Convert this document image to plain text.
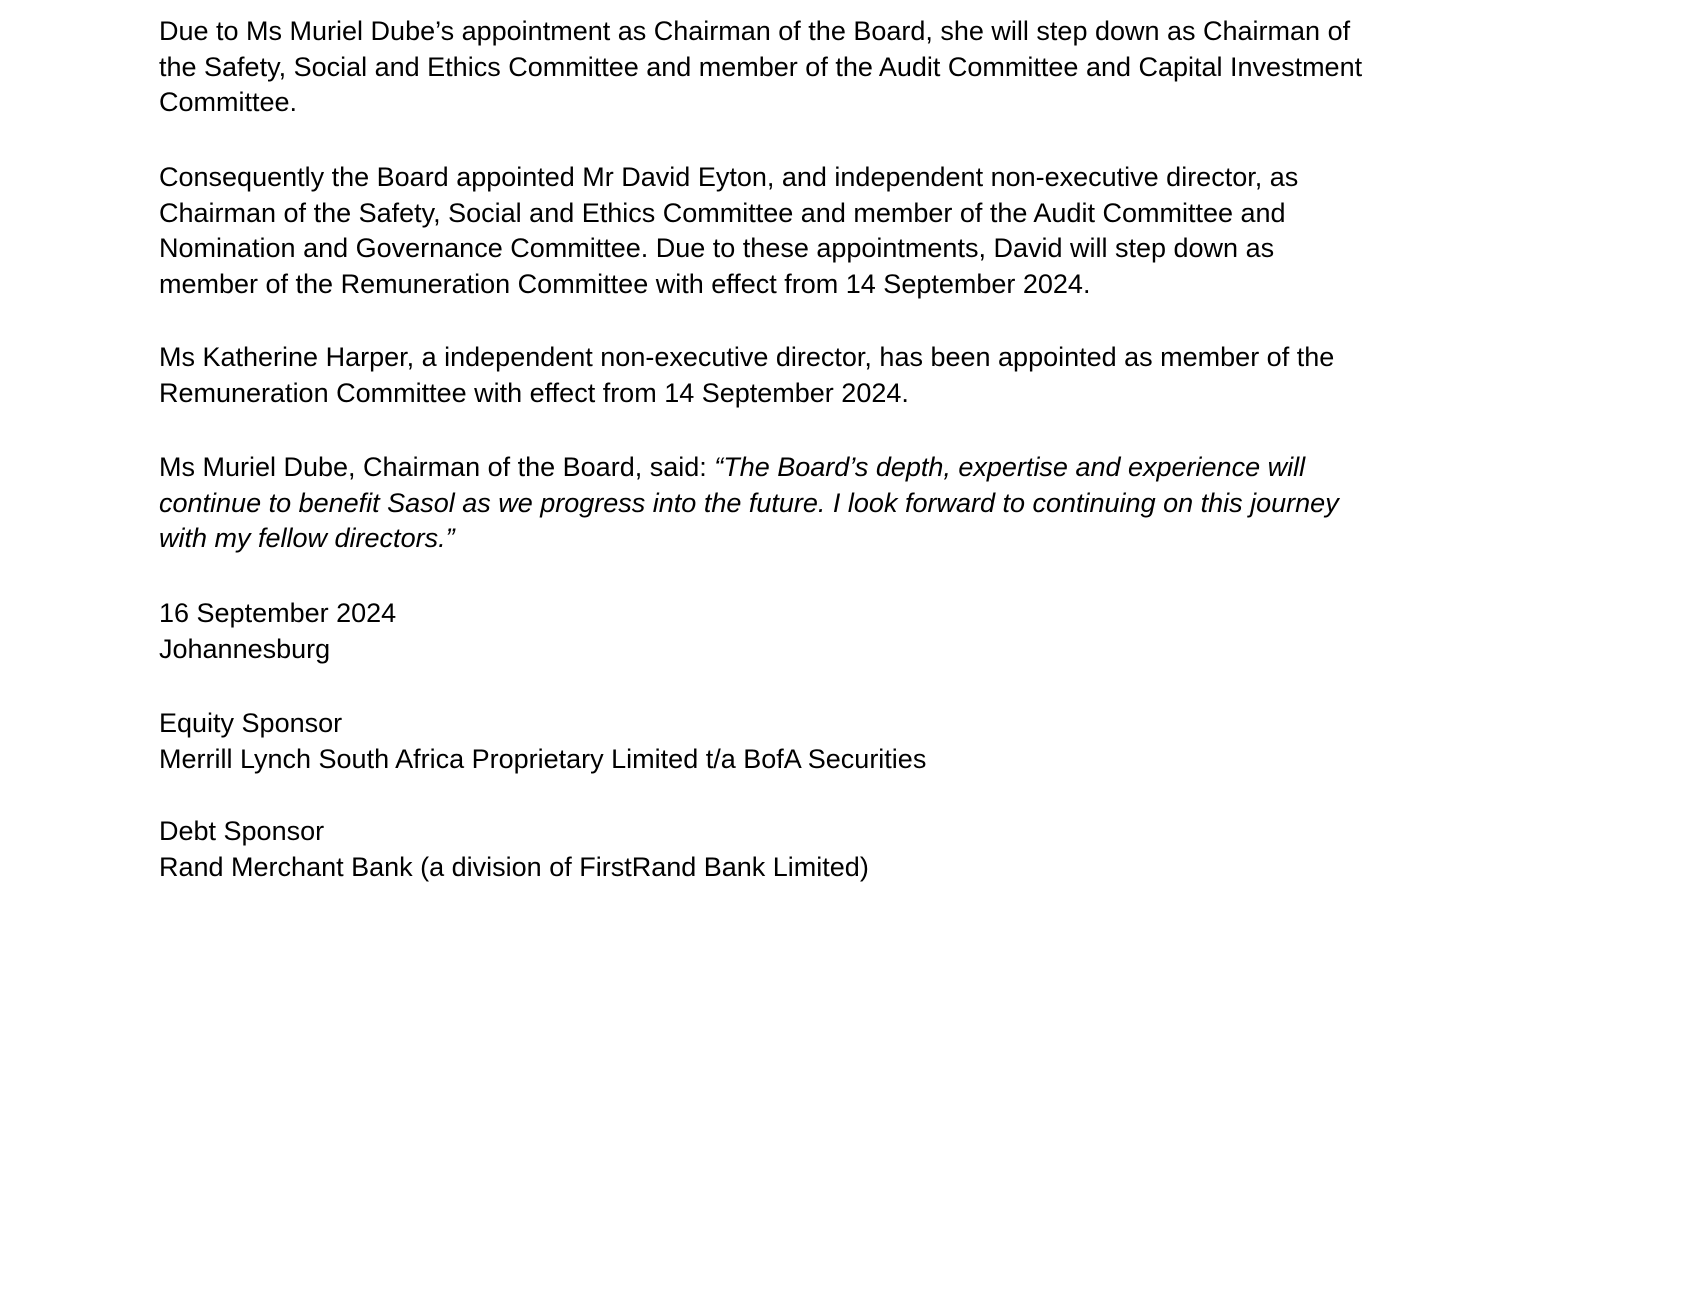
Due to Ms Muriel Dube’s appointment as Chairman of the Board, she will step down as Chairman of
the Safety, Social and Ethics Committee and member of the Audit Committee and Capital Investment
Committee.

Consequently the Board appointed Mr David Eyton, and independent non-executive director, as
Chairman of the Safety, Social and Ethics Committee and member of the Audit Committee and
Nomination and Governance Committee. Due to these appointments, David will step down as
member of the Remuneration Committee with effect from 14 September 2024.

Ms Katherine Harper, a independent non-executive director, has been appointed as member of the
Remuneration Committee with effect from 14 September 2024.

Ms Muriel Dube, Chairman of the Board, said: “The Board’s depth, expertise and experience will
continue to benefit Sasol as we progress into the future. I look forward to continuing on this journey
with my fellow directors.”

16 September 2024
Johannesburg

Equity Sponsor
Merrill Lynch South Africa Proprietary Limited t/a BofA Securities

Debt Sponsor
Rand Merchant Bank (a division of FirstRand Bank Limited)
